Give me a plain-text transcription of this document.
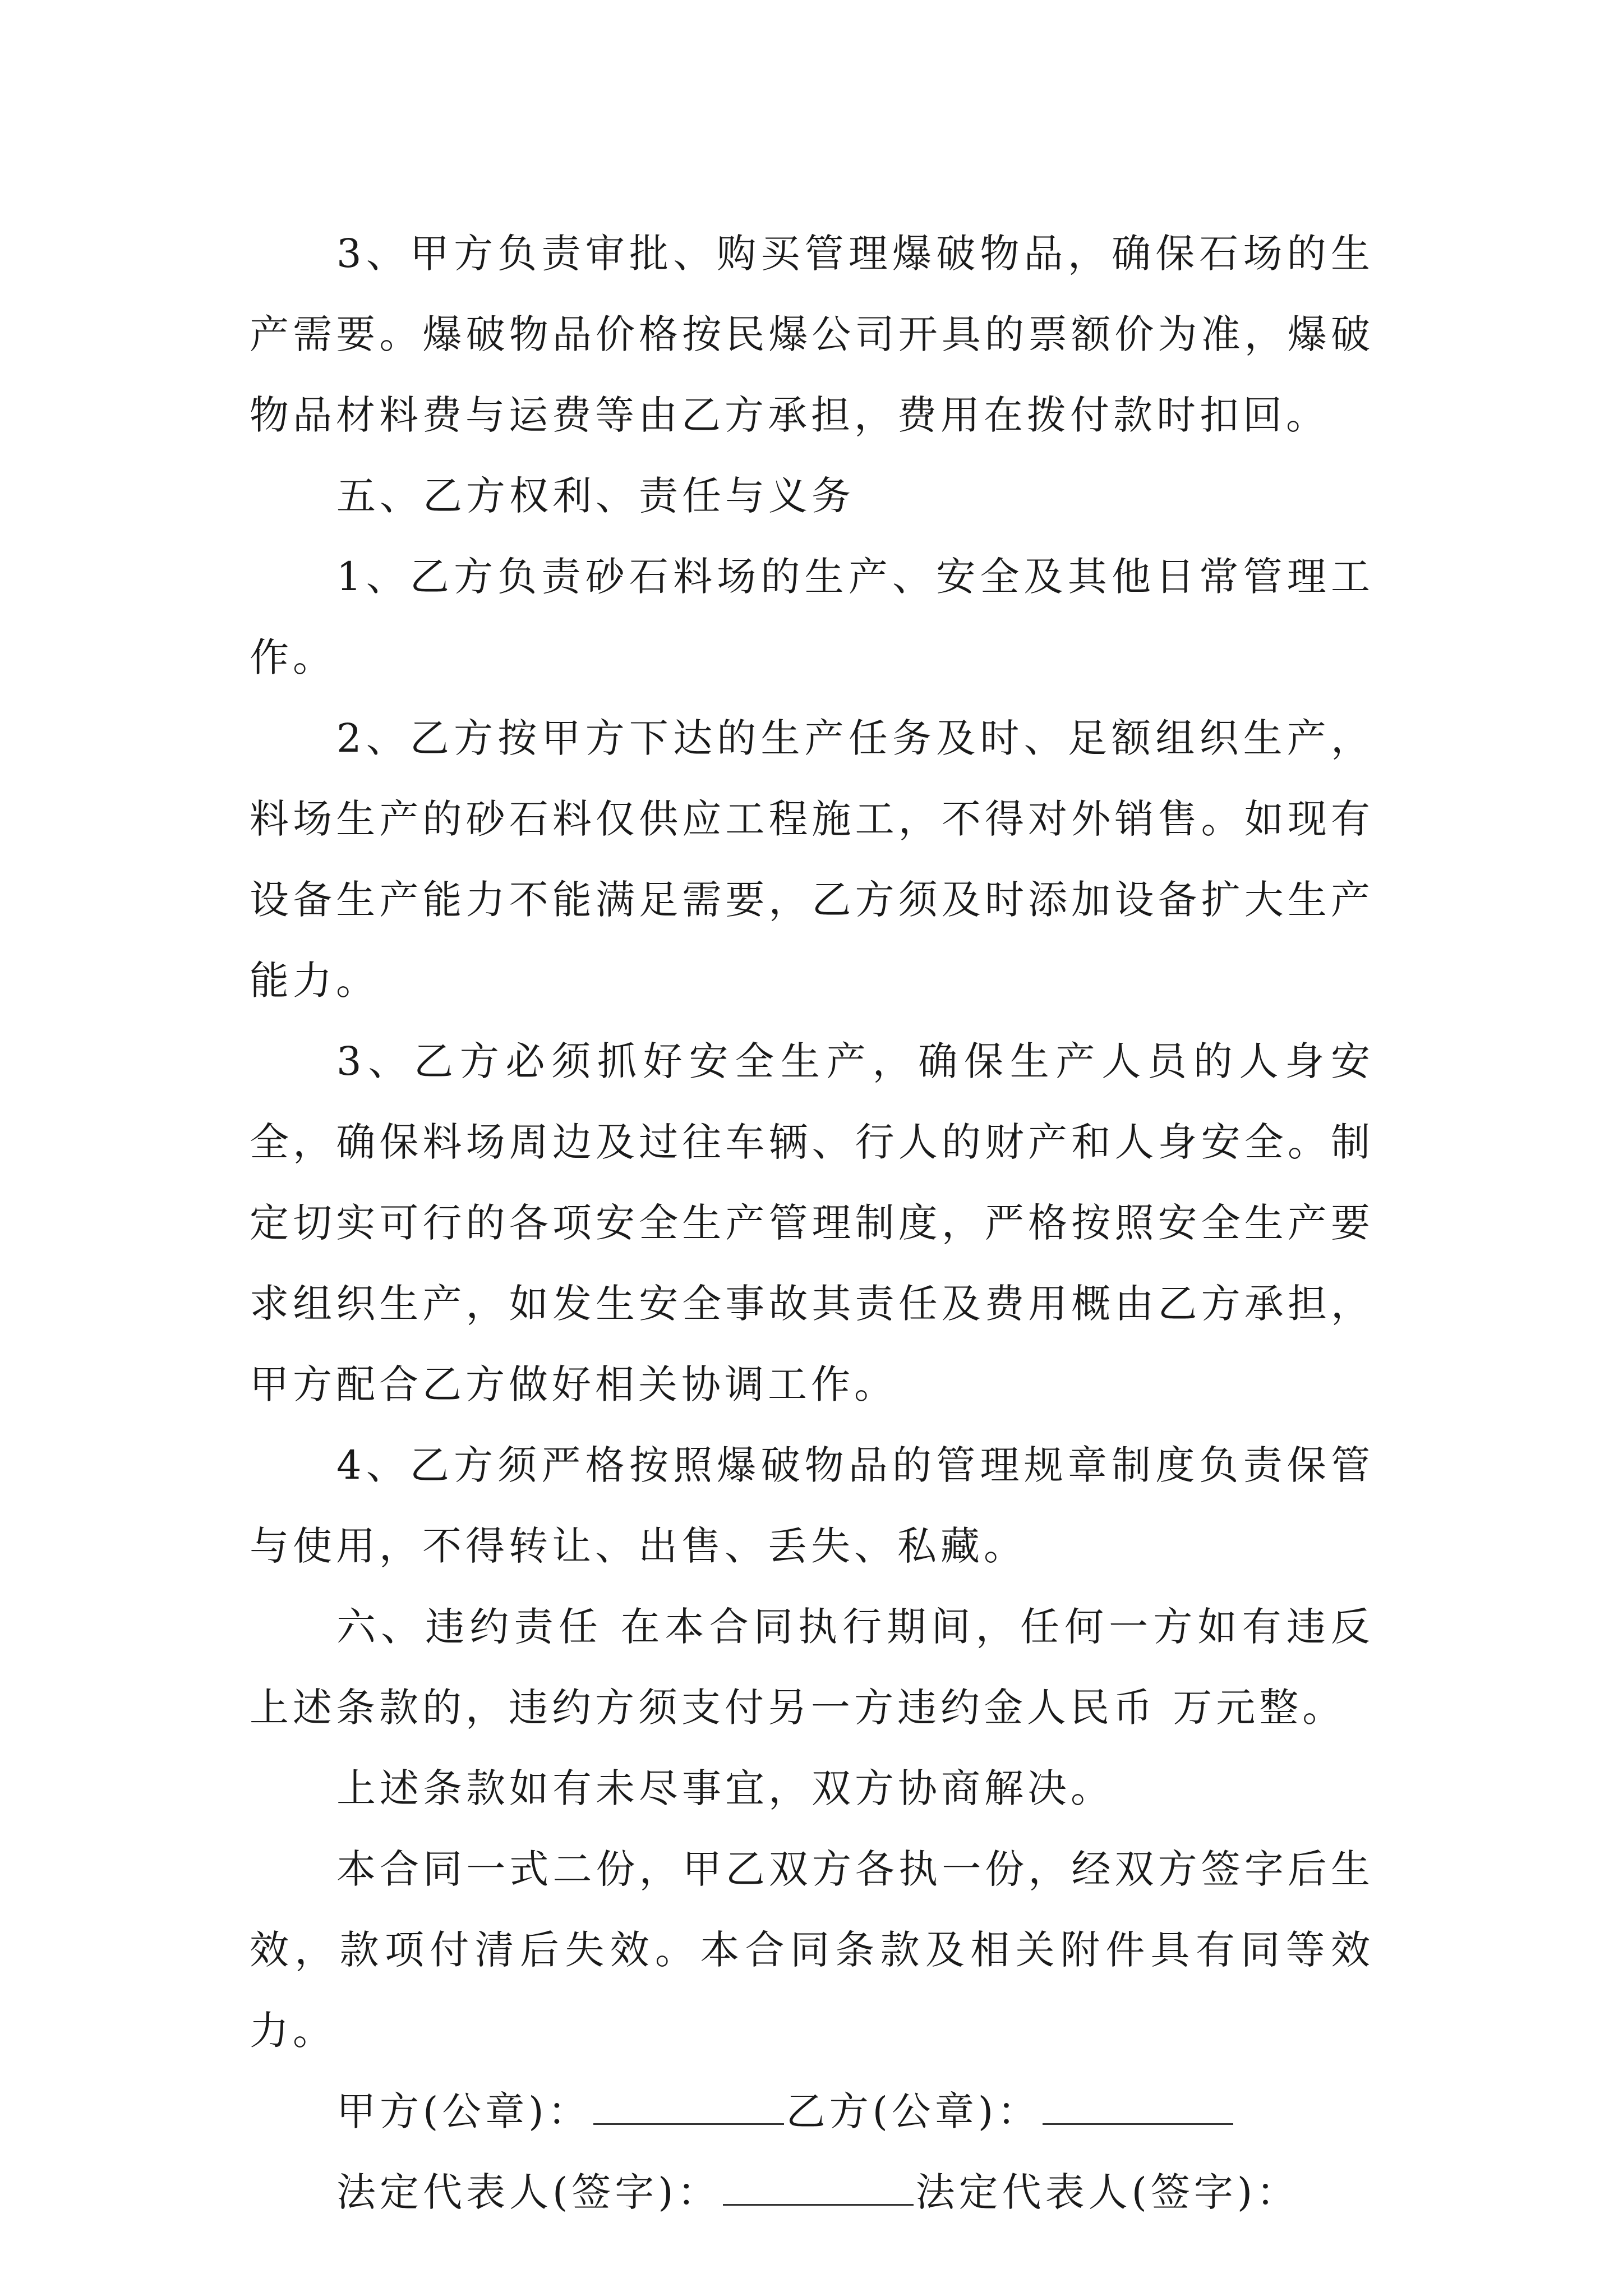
3、甲方负责审批、购买管理爆破物品，确保石场的生产需要。爆破物品价格按民爆公司开具的票额价为准，爆破物品材料费与运费等由乙方承担，费用在拨付款时扣回。

五、乙方权利、责任与义务

1、乙方负责砂石料场的生产、安全及其他日常管理工作。

2、乙方按甲方下达的生产任务及时、足额组织生产，料场生产的砂石料仅供应工程施工，不得对外销售。如现有设备生产能力不能满足需要，乙方须及时添加设备扩大生产能力。

3、乙方必须抓好安全生产，确保生产人员的人身安全，确保料场周边及过往车辆、行人的财产和人身安全。制定切实可行的各项安全生产管理制度，严格按照安全生产要求组织生产，如发生安全事故其责任及费用概由乙方承担，甲方配合乙方做好相关协调工作。

4、乙方须严格按照爆破物品的管理规章制度负责保管与使用，不得转让、出售、丢失、私藏。

六、违约责任 在本合同执行期间，任何一方如有违反上述条款的，违约方须支付另一方违约金人民币 万元整。

上述条款如有未尽事宜，双方协商解决。

本合同一式二份，甲乙双方各执一份，经双方签字后生效，款项付清后失效。本合同条款及相关附件具有同等效力。

甲方(公章)：	乙方(公章)：

法定代表人(签字)：	法定代表人(签字)：
